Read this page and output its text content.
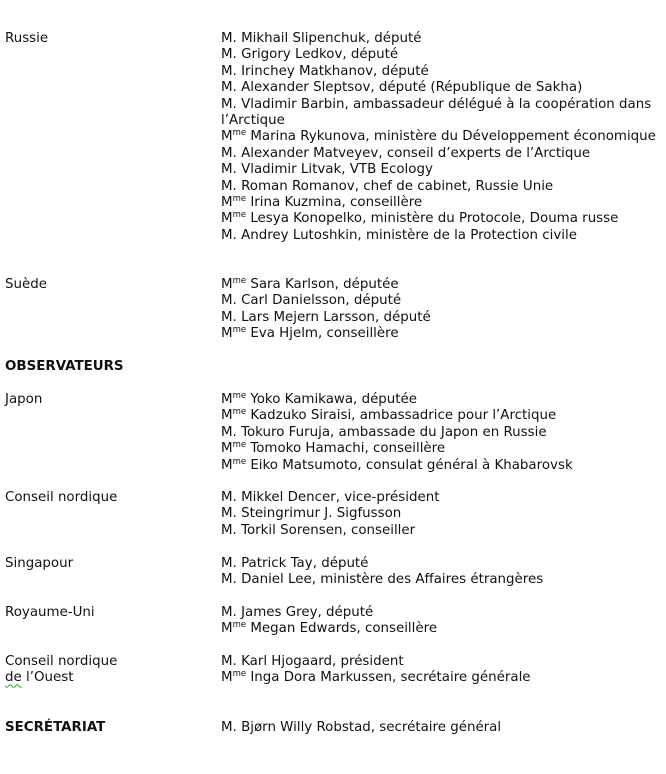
Russie	M. Mikhail Slipenchuk, député
M. Grigory Ledkov, député
M. Irinchey Matkhanov, député
M. Alexander Sleptsov, député (République de Sakha)
M. Vladimir Barbin, ambassadeur délégué à la coopération dans l’Arctique
$M^{me}$ Marina Rykunova, ministère du Développement économique
M. Alexander Matveyev, conseil d’experts de l’Arctique
M. Vladimir Litvak, VTB Ecology
M. Roman Romanov, chef de cabinet, Russie Unie
$M^{me}$ Irina Kuzmina, conseillère
$M^{me}$ Lesya Konopelko, ministère du Protocole, Douma russe
M. Andrey Lutoshkin, ministère de la Protection civile
Suède	$M^{me}$ Sara Karlson, députée
M. Carl Danielsson, député
M. Lars Mejern Larsson, député
$M^{me}$ Eva Hjelm, conseillère
OBSERVATEURS
Japon	$M^{me}$ Yoko Kamikawa, députée
$M^{me}$ Kadzuko Siraisi, ambassadrice pour l’Arctique
M. Tokuro Furuja, ambassade du Japon en Russie
$M^{me}$ Tomoko Hamachi, conseillère
$M^{me}$ Eiko Matsumoto, consulat général à Khabarovsk
Conseil nordique	M. Mikkel Dencer, vice-président
M. Steingrimur J. Sigfusson
M. Torkil Sorensen, conseiller
Singapour	M. Patrick Tay, député
M. Daniel Lee, ministère des Affaires étrangères
Royaume-Uni	M. James Grey, député
$M^{me}$ Megan Edwards, conseillère
Conseil nordique
de l’Ouest
M. Karl Hjogaard, président
$M^{me}$ Inga Dora Markussen, secrétaire générale
SECRÉTARIAT	M. Bjørn Willy Robstad, secrétaire général
